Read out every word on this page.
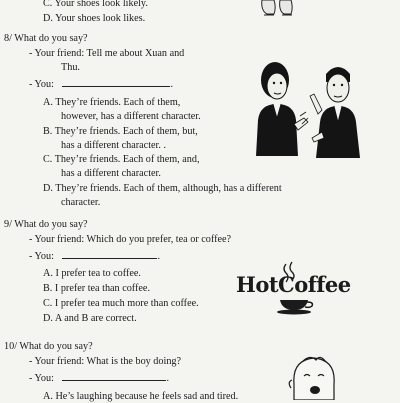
C. Your shoes look likely.
D. Your shoes look likes.
8/ What do you say?
- Your friend: Tell me about Xuan and
Thu.
- You:	.
A. They’re friends. Each of them,
however, has a different character.
B. They’re friends. Each of them, but,
has a different character. .
C. They’re friends. Each of them, and,
has a different character.
D. They’re friends. Each of them, although, has a different
character.
9/ What do you say?
- Your friend: Which do you prefer, tea or coffee?
- You:	.
A. I prefer tea to coffee.
B. I prefer tea than coffee.
C. I prefer tea much more than coffee.
D. A and B are correct.
HotCoffee
10/ What do you say?
- Your friend: What is the boy doing?
- You:	.
A. He’s laughing because he feels sad and tired.
